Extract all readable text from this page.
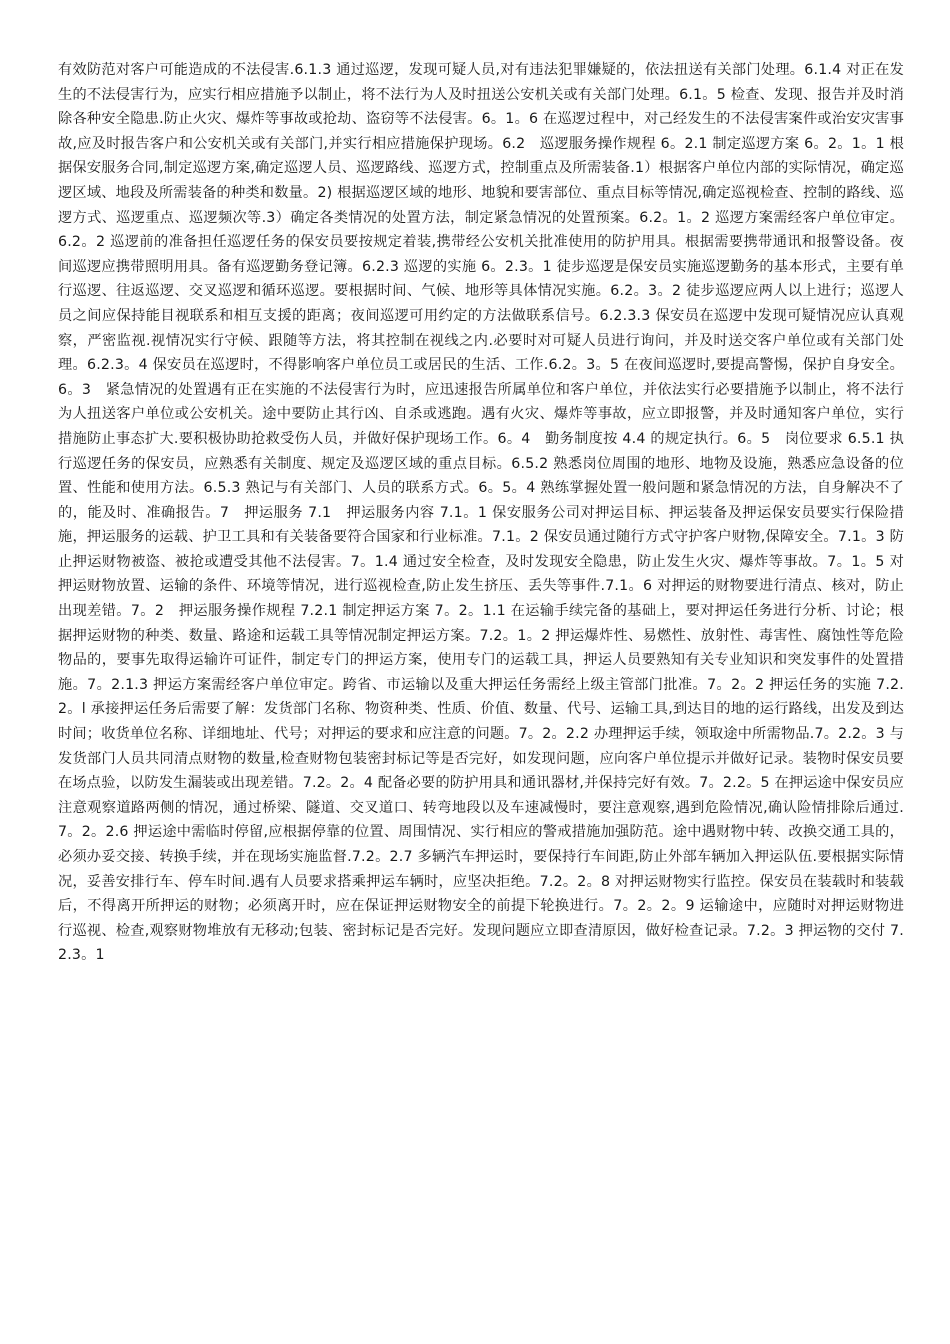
有效防范对客户可能造成的不法侵害.6.1.3 通过巡逻，发现可疑人员,对有违法犯罪嫌疑的，依法扭送有关部门处理。6.1.4 对正在发生的不法侵害行为，应实行相应措施予以制止，将不法行为人及时扭送公安机关或有关部门处理。6.1。5 检查、发现、报告并及时消除各种安全隐患.防止火灾、爆炸等事故或抢劫、盗窃等不法侵害。6。1。6 在巡逻过程中，对己经发生的不法侵害案件或治安灾害事故,应及时报告客户和公安机关或有关部门,并实行相应措施保护现场。6.2　巡逻服务操作规程 6。2.1 制定巡逻方案 6。2。1。1 根据保安服务合同,制定巡逻方案,确定巡逻人员、巡逻路线、巡逻方式，控制重点及所需装备.1）根据客户单位内部的实际情况，确定巡逻区域、地段及所需装备的种类和数量。2) 根据巡逻区域的地形、地貌和要害部位、重点目标等情况,确定巡视检查、控制的路线、巡逻方式、巡逻重点、巡逻频次等.3）确定各类情况的处置方法，制定紧急情况的处置预案。6.2。1。2 巡逻方案需经客户单位审定。6.2。2 巡逻前的准备担任巡逻任务的保安员要按规定着装,携带经公安机关批准使用的防护用具。根据需要携带通讯和报警设备。夜间巡逻应携带照明用具。备有巡逻勤务登记簿。6.2.3 巡逻的实施 6。2.3。1 徒步巡逻是保安员实施巡逻勤务的基本形式，主要有单行巡逻、往返巡逻、交叉巡逻和循环巡逻。要根据时间、气候、地形等具体情况实施。6.2。3。2 徒步巡逻应两人以上进行；巡逻人员之间应保持能目视联系和相互支援的距离；夜间巡逻可用约定的方法做联系信号。6.2.3.3 保安员在巡逻中发现可疑情况应认真观察，严密监视.视情况实行守候、跟随等方法，将其控制在视线之内.必要时对可疑人员进行询问，并及时送交客户单位或有关部门处理。6.2.3。4 保安员在巡逻时，不得影响客户单位员工或居民的生活、工作.6.2。3。5 在夜间巡逻时,要提高警惕，保护自身安全。6。3　紧急情况的处置遇有正在实施的不法侵害行为时，应迅速报告所属单位和客户单位，并依法实行必要措施予以制止，将不法行为人扭送客户单位或公安机关。途中要防止其行凶、自杀或逃跑。遇有火灾、爆炸等事故，应立即报警，并及时通知客户单位，实行措施防止事态扩大.要积极协助抢救受伤人员，并做好保护现场工作。6。4　勤务制度按 4.4 的规定执行。6。5　岗位要求 6.5.1 执行巡逻任务的保安员，应熟悉有关制度、规定及巡逻区域的重点目标。6.5.2 熟悉岗位周围的地形、地物及设施，熟悉应急设备的位置、性能和使用方法。6.5.3 熟记与有关部门、人员的联系方式。6。5。4 熟练掌握处置一般问题和紧急情况的方法，自身解决不了的，能及时、准确报告。7　押运服务 7.1　押运服务内容 7.1。1 保安服务公司对押运目标、押运装备及押运保安员要实行保险措施，押运服务的运载、护卫工具和有关装备要符合国家和行业标准。7.1。2 保安员通过随行方式守护客户财物,保障安全。7.1。3 防止押运财物被盗、被抢或遭受其他不法侵害。7。1.4 通过安全检查，及时发现安全隐患，防止发生火灾、爆炸等事故。7。1。5 对押运财物放置、运输的条件、环境等情况，进行巡视检查,防止发生挤压、丢失等事件.7.1。6 对押运的财物要进行清点、核对，防止出现差错。7。2　押运服务操作规程 7.2.1 制定押运方案 7。2。1.1 在运输手续完备的基础上，要对押运任务进行分析、讨论；根据押运财物的种类、数量、路途和运载工具等情况制定押运方案。7.2。1。2 押运爆炸性、易燃性、放射性、毒害性、腐蚀性等危险物品的，要事先取得运输许可证件，制定专门的押运方案，使用专门的运载工具，押运人员要熟知有关专业知识和突发事件的处置措施。7。2.1.3 押运方案需经客户单位审定。跨省、市运输以及重大押运任务需经上级主管部门批准。7。2。2 押运任务的实施 7.2.2。l 承接押运任务后需要了解：发货部门名称、物资种类、性质、价值、数量、代号、运输工具,到达目的地的运行路线，出发及到达时间；收货单位名称、详细地址、代号；对押运的要求和应注意的问题。7。2。2.2 办理押运手续，领取途中所需物品.7。2.2。3 与发货部门人员共同清点财物的数量,检查财物包装密封标记等是否完好，如发现问题，应向客户单位提示并做好记录。装物时保安员要在场点验，以防发生漏装或出现差错。7.2。2。4 配备必要的防护用具和通讯器材,并保持完好有效。7。2.2。5 在押运途中保安员应注意观察道路两侧的情况，通过桥梁、隧道、交叉道口、转弯地段以及车速减慢时，要注意观察,遇到危险情况,确认险情排除后通过.7。2。2.6 押运途中需临时停留,应根据停靠的位置、周围情况、实行相应的警戒措施加强防范。途中遇财物中转、改换交通工具的，必须办妥交接、转换手续，并在现场实施监督.7.2。2.7 多辆汽车押运时，要保持行车间距,防止外部车辆加入押运队伍.要根据实际情况，妥善安排行车、停车时间.遇有人员要求搭乘押运车辆时，应坚决拒绝。7.2。2。8 对押运财物实行监控。保安员在装载时和装载后，不得离开所押运的财物；必须离开时，应在保证押运财物安全的前提下轮换进行。7。2。2。9 运输途中，应随时对押运财物进行巡视、检查,观察财物堆放有无移动;包装、密封标记是否完好。发现问题应立即查清原因，做好检查记录。7.2。3 押运物的交付 7.2.3。1
